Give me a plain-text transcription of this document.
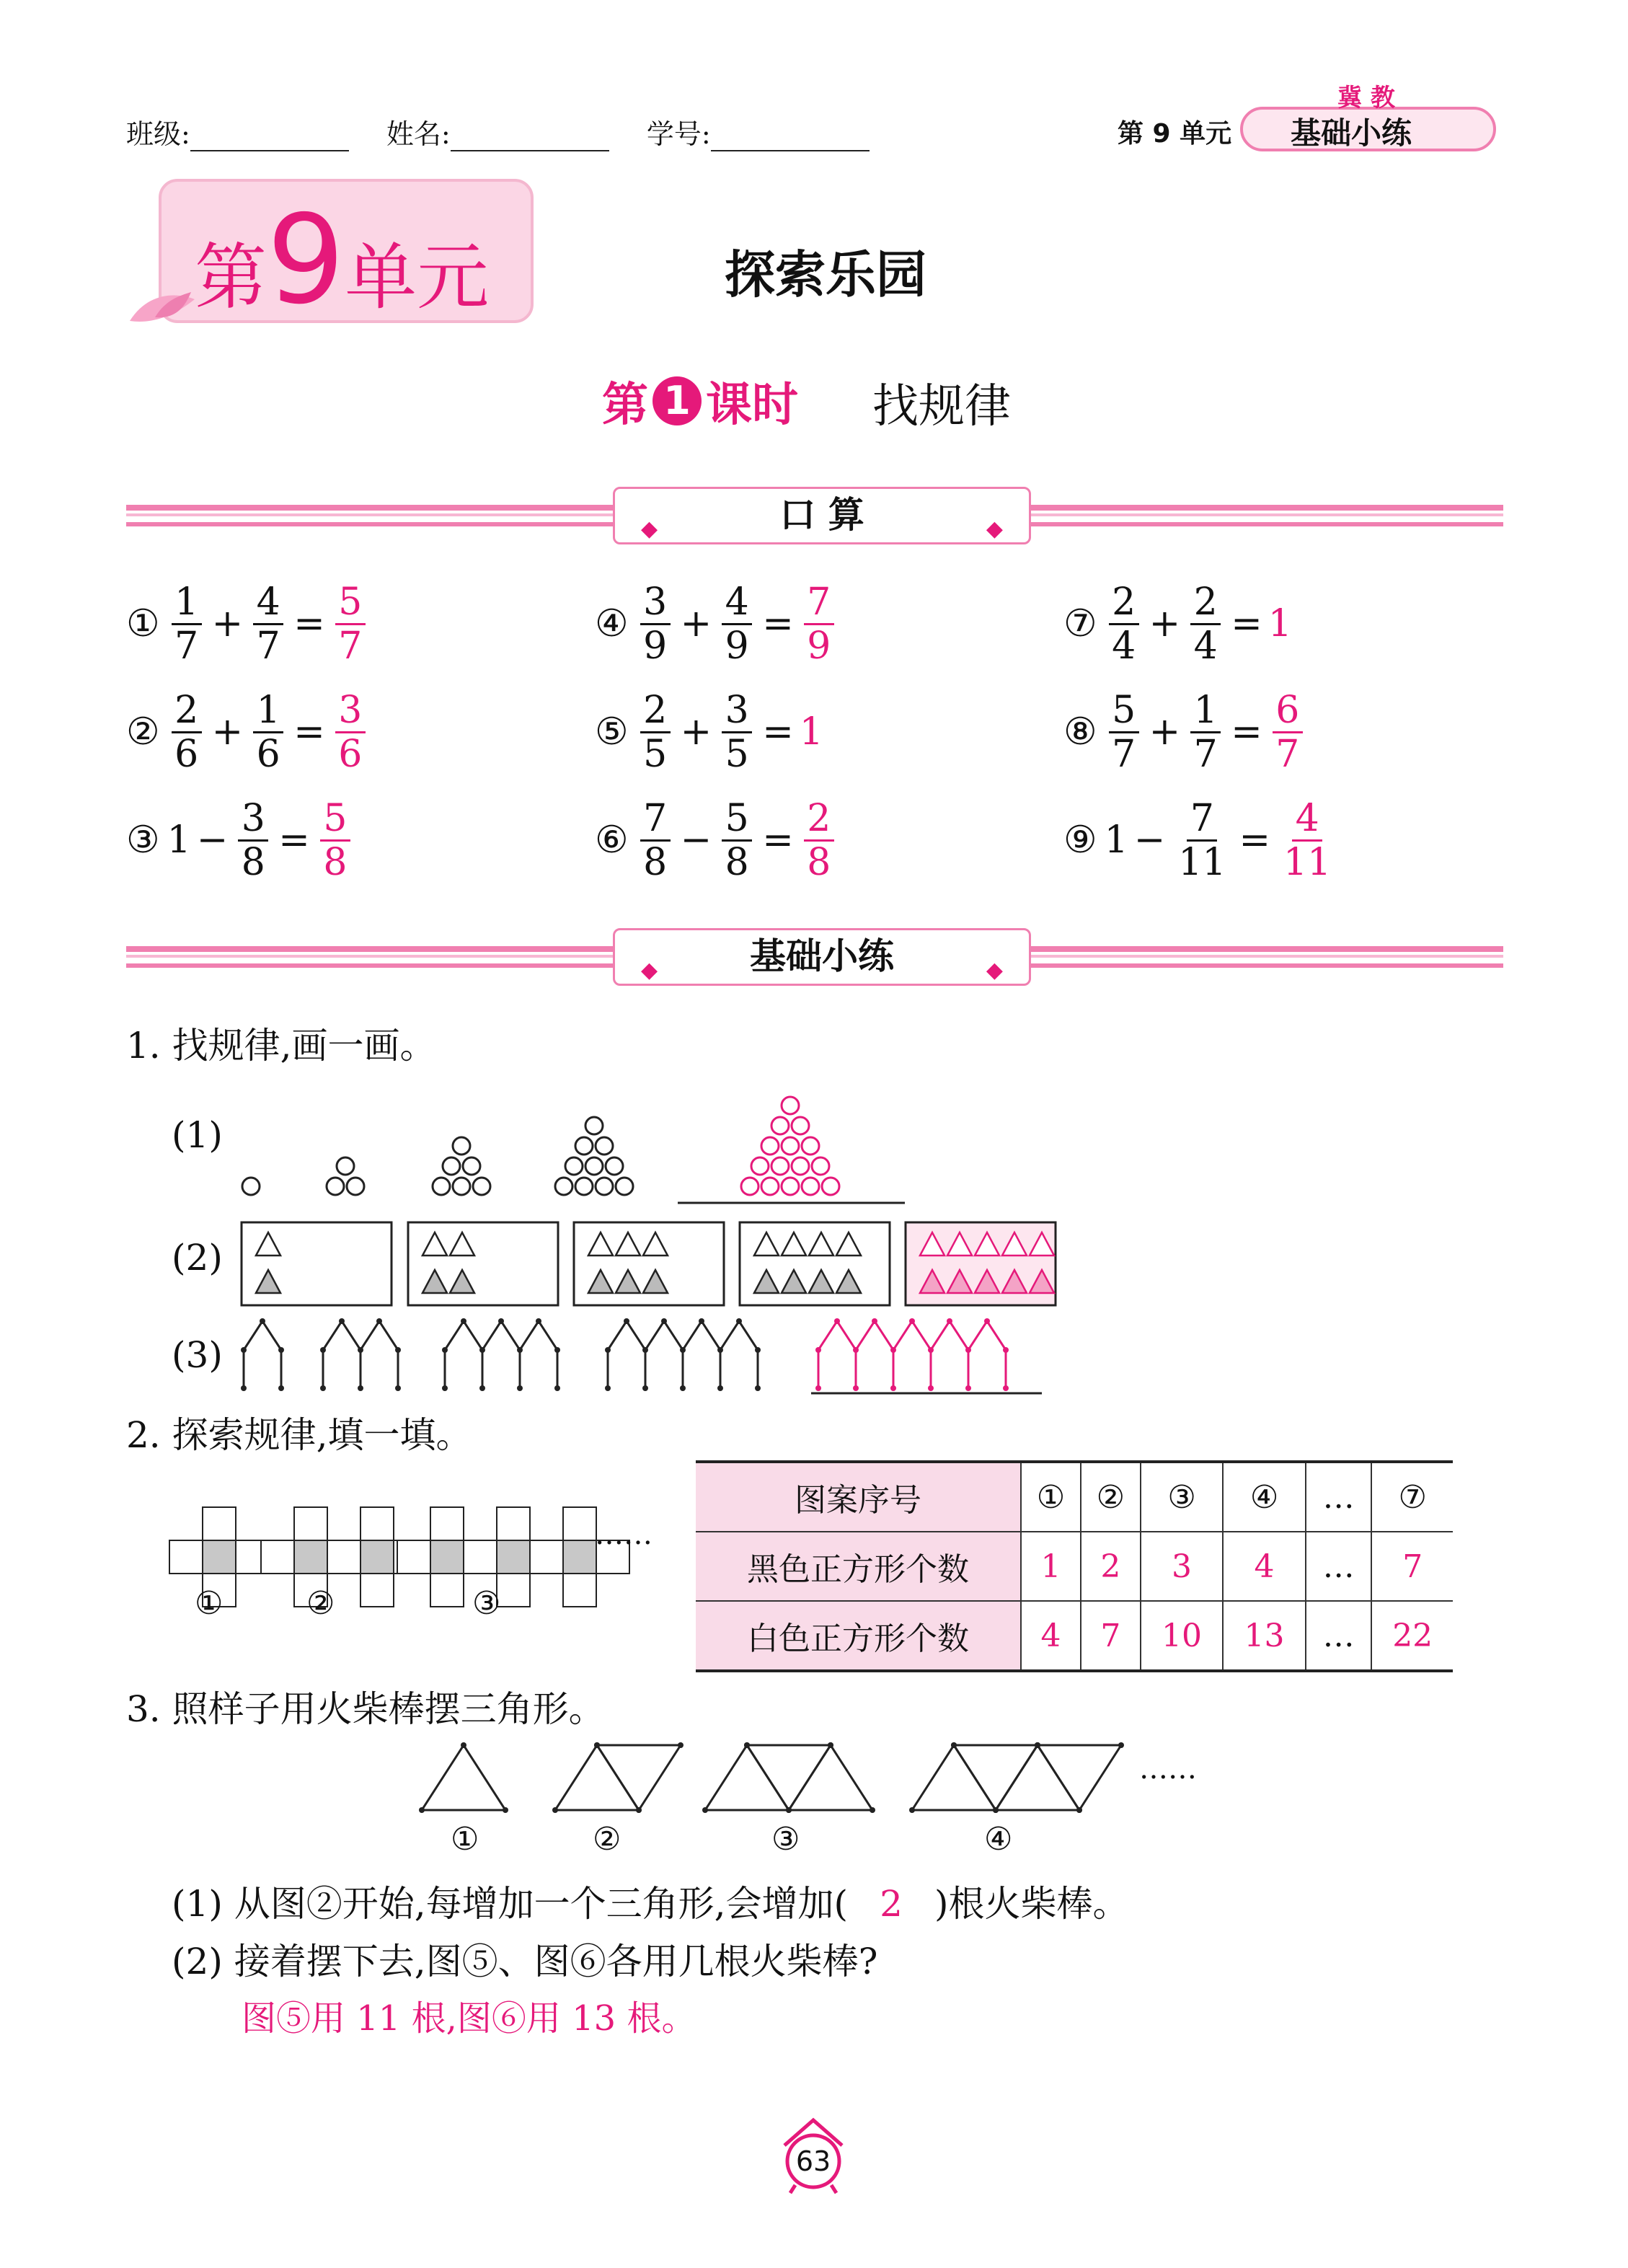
班级:	姓名:	学号:	第 9 单元
冀 教
基础小练
第9单元	探索乐园
第 1 课时 找规律
◆	口 算	◆
① $\frac{1}{7} + \frac{4}{7} = \frac{5}{7}$
② $\frac{2}{6} + \frac{1}{6} = \frac{3}{6}$
③ $1 - \frac{3}{8} = \frac{5}{8}$
④ $\frac{3}{9} + \frac{4}{9} = \frac{7}{9}$
⑤ $\frac{2}{5} + \frac{3}{5} = 1$
⑥ $\frac{7}{8} - \frac{5}{8} = \frac{2}{8}$
⑦ $\frac{2}{4} + \frac{2}{4} = 1$
⑧ $\frac{5}{7} + \frac{1}{7} = \frac{6}{7}$
⑨ $1 - \frac{7}{11} = \frac{4}{11}$
◆	基础小练	◆
1. 找规律,画一画。
(1)
(2)
(3)
2. 探索规律,填一填。
……
①	②	③
图案序号	①	②	③	④	…	⑦
黑色正方形个数	1	2	3	4	…	7
白色正方形个数	4	7	10	13	…	22
3. 照样子用火柴棒摆三角形。
①	②	③	④
……
(1) 从图②开始,每增加一个三角形,会增加( 2 )根火柴棒。
(2) 接着摆下去,图⑤、图⑥各用几根火柴棒?
图⑤用 11 根,图⑥用 13 根。
63
